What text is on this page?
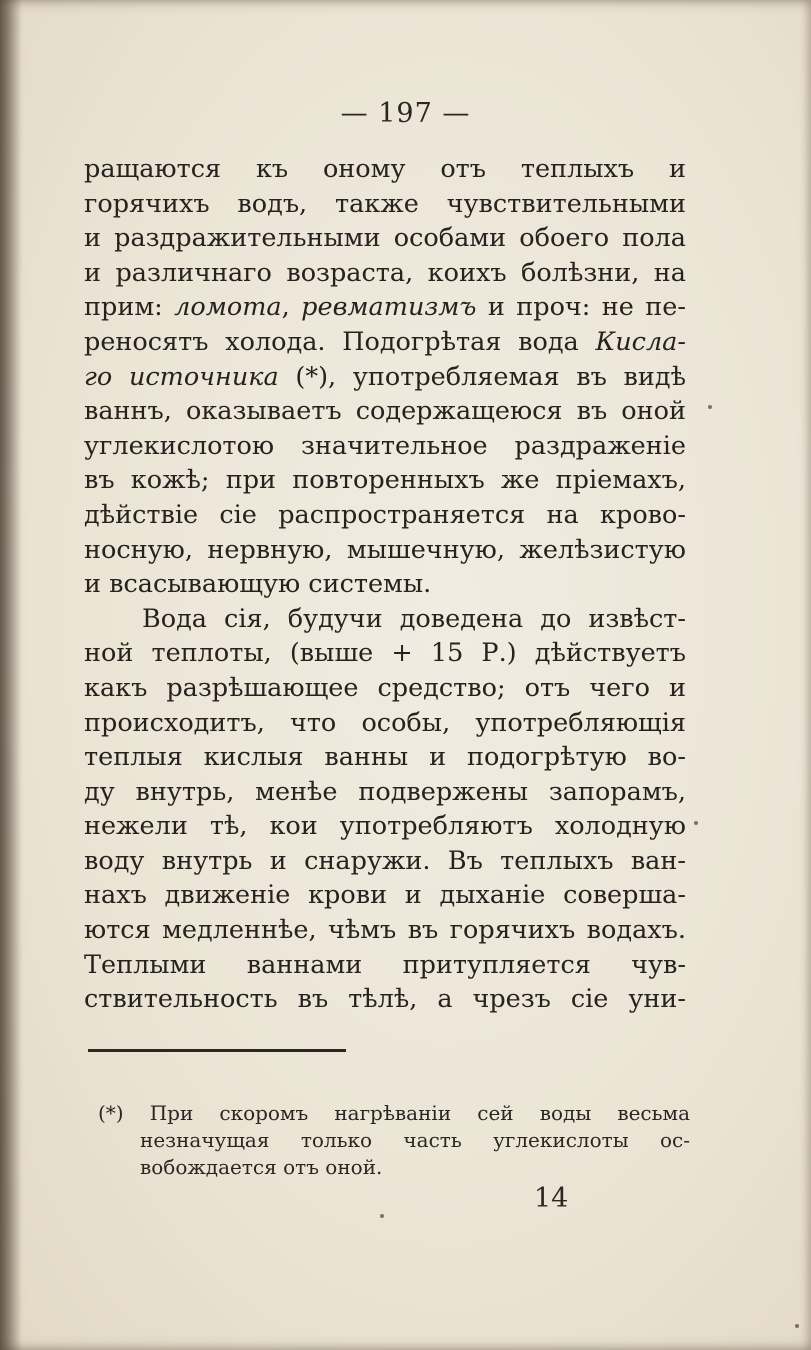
— 197 —
ращаются къ оному отъ теплыхъ и
горячихъ водъ, также чувствительными
и раздражительными особами обоего пола
и различнаго возраста, коихъ болѣзни, на
прим: ломота, ревматизмъ и проч: не пе-
реносятъ холода. Подогрѣтая вода Кисла-
го источника (*), употребляемая въ видѣ
ваннъ, оказываетъ содержащеюся въ оной
углекислотою значительное раздраженіе
въ кожѣ; при повторенныхъ же пріемахъ,
дѣйствіе сіе распространяется на крово-
носную, нервную, мышечную, желѣзистую
и всасывающую системы.
Вода сія, будучи доведена до извѣст-
ной теплоты, (выше + 15 Р.) дѣйствуетъ
какъ разрѣшающее средство; отъ чего и
происходитъ, что особы, употребляющія
теплыя кислыя ванны и подогрѣтую во-
ду внутрь, менѣе подвержены запорамъ,
нежели тѣ, кои употребляютъ холодную
воду внутрь и снаружи. Въ теплыхъ ван-
нахъ движеніе крови и дыханіе соверша-
ются медленнѣе, чѣмъ въ горячихъ водахъ.
Теплыми ваннами притупляется чув-
ствительность въ тѣлѣ, а чрезъ сіе уни-
(*) При скоромъ нагрѣваніи сей воды весьма
незначущая только часть углекислоты ос-
вобождается отъ оной.
14
